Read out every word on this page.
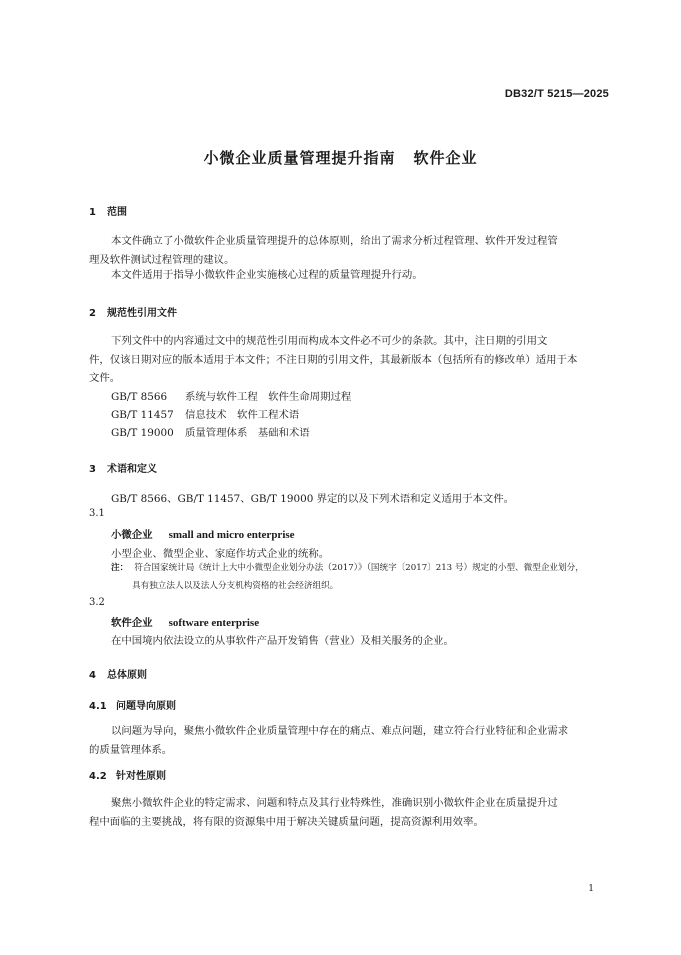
DB32/T 5215—2025
小微企业质量管理提升指南 软件企业
1 范围
本文件确立了小微软件企业质量管理提升的总体原则，给出了需求分析过程管理、软件开发过程管
理及软件测试过程管理的建议。
本文件适用于指导小微软件企业实施核心过程的质量管理提升行动。
2 规范性引用文件
下列文件中的内容通过文中的规范性引用而构成本文件必不可少的条款。其中，注日期的引用文
件，仅该日期对应的版本适用于本文件；不注日期的引用文件，其最新版本（包括所有的修改单）适用于本
文件。
GB/T 8566 系统与软件工程　软件生命周期过程
GB/T 11457 信息技术　软件工程术语
GB/T 19000 质量管理体系　基础和术语
3 术语和定义
GB/T 8566、GB/T 11457、GB/T 19000 界定的以及下列术语和定义适用于本文件。
3.1
小微企业 small and micro enterprise
小型企业、微型企业、家庭作坊式企业的统称。
注： 符合国家统计局《统计上大中小微型企业划分办法（2017）》（国统字〔2017〕213 号）规定的小型、微型企业划分，
具有独立法人以及法人分支机构资格的社会经济组织。
3.2
软件企业 software enterprise
在中国境内依法设立的从事软件产品开发销售（营业）及相关服务的企业。
4 总体原则
4.1 问题导向原则
以问题为导向，聚焦小微软件企业质量管理中存在的痛点、难点问题，建立符合行业特征和企业需求
的质量管理体系。
4.2 针对性原则
聚焦小微软件企业的特定需求、问题和特点及其行业特殊性，准确识别小微软件企业在质量提升过
程中面临的主要挑战，将有限的资源集中用于解决关键质量问题，提高资源利用效率。
1
